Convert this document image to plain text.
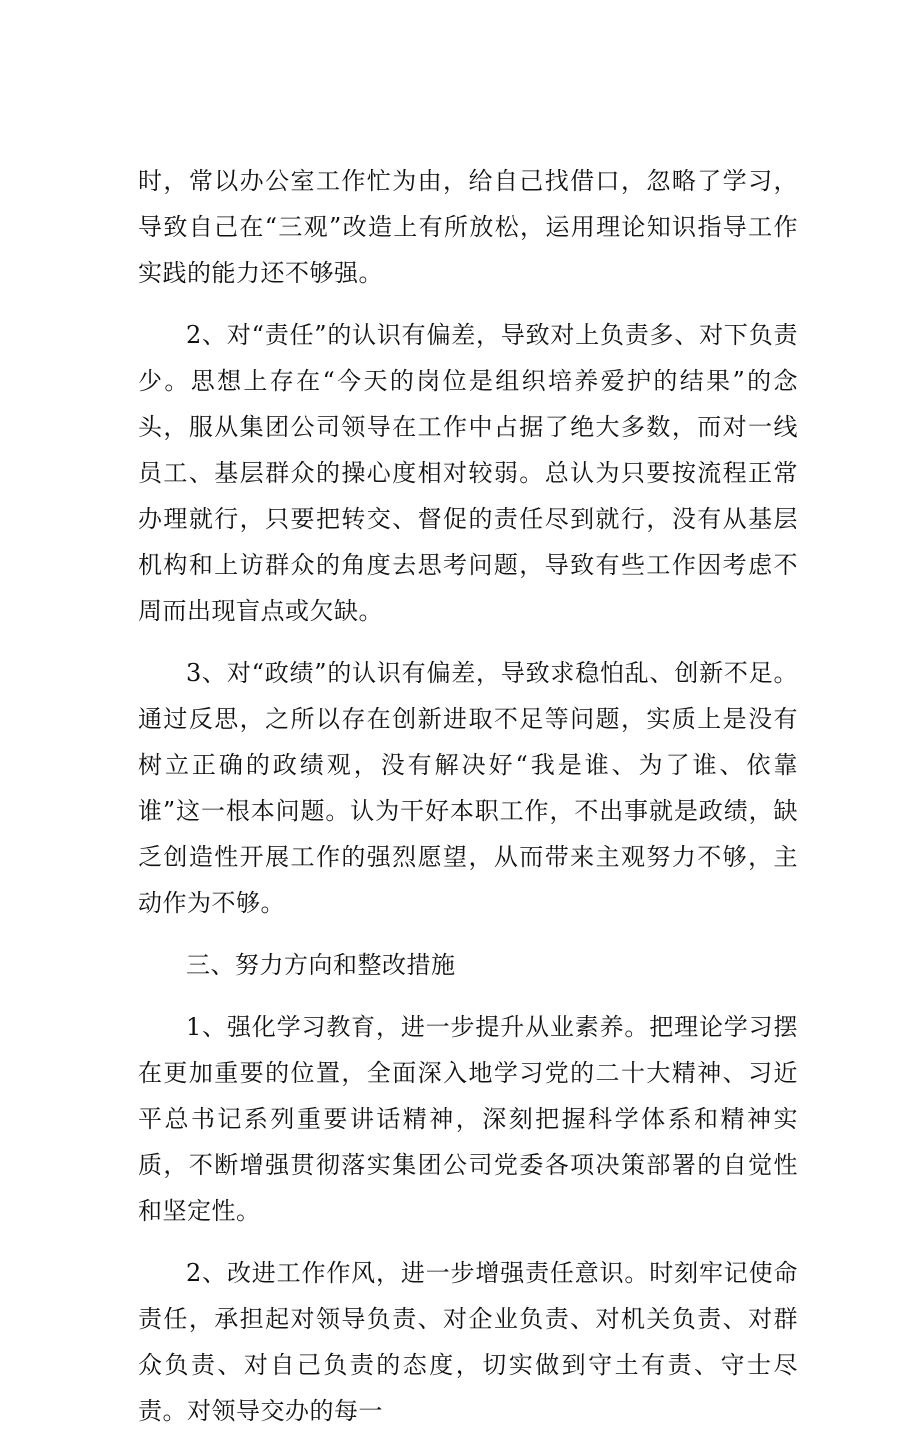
时，常以办公室工作忙为由，给自己找借口，忽略了学习，导致自己在“三观”改造上有所放松，运用理论知识指导工作实践的能力还不够强。

2、对“责任”的认识有偏差，导致对上负责多、对下负责少。思想上存在“今天的岗位是组织培养爱护的结果”的念头，服从集团公司领导在工作中占据了绝大多数，而对一线员工、基层群众的操心度相对较弱。总认为只要按流程正常办理就行，只要把转交、督促的责任尽到就行，没有从基层机构和上访群众的角度去思考问题，导致有些工作因考虑不周而出现盲点或欠缺。

3、对“政绩”的认识有偏差，导致求稳怕乱、创新不足。通过反思，之所以存在创新进取不足等问题，实质上是没有树立正确的政绩观，没有解决好“我是谁、为了谁、依靠谁”这一根本问题。认为干好本职工作，不出事就是政绩，缺乏创造性开展工作的强烈愿望，从而带来主观努力不够，主动作为不够。

三、努力方向和整改措施

1、强化学习教育，进一步提升从业素养。把理论学习摆在更加重要的位置，全面深入地学习党的二十大精神、习近平总书记系列重要讲话精神，深刻把握科学体系和精神实质，不断增强贯彻落实集团公司党委各项决策部署的自觉性和坚定性。

2、改进工作作风，进一步增强责任意识。时刻牢记使命责任，承担起对领导负责、对企业负责、对机关负责、对群众负责、对自己负责的态度，切实做到守土有责、守士尽责。对领导交办的每一
